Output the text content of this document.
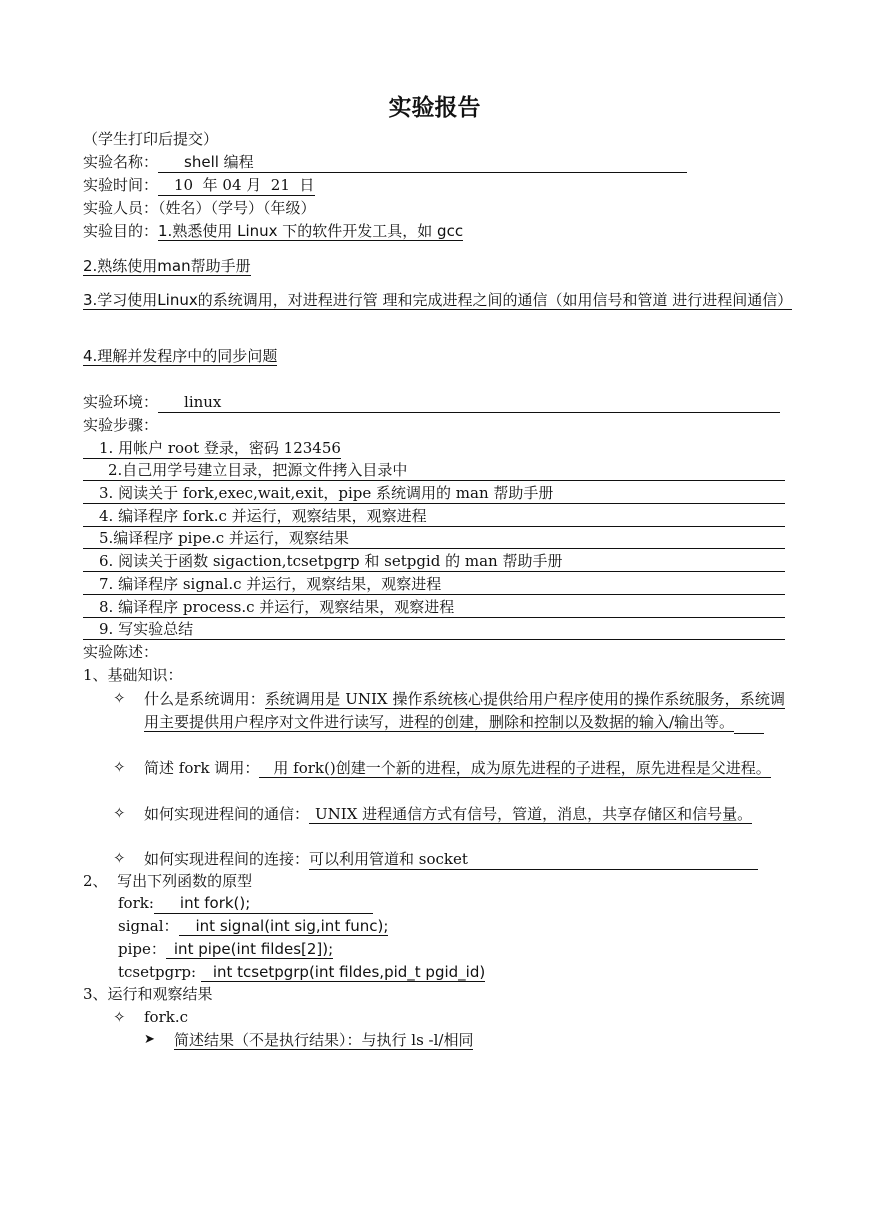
实验报告
（学生打印后提交）
实验名称： shell 编程
实验时间： 10  年 04 月  21  日
实验人员：（姓名）（学号）（年级）
实验目的：1.熟悉使用 Linux 下的软件开发工具，如 gcc
2.熟练使用man帮助手册
3.学习使用Linux的系统调用，对进程进行管 理和完成进程之间的通信（如用信号和管道 进行进程间通信）
4.理解并发程序中的同步问题
实验环境： linux
实验步骤：
1. 用帐户 root 登录，密码 123456
2.自己用学号建立目录，把源文件拷入目录中
3. 阅读关于 fork,exec,wait,exit，pipe 系统调用的 man 帮助手册
4. 编译程序 fork.c 并运行，观察结果，观察进程
5.编译程序 pipe.c 并运行，观察结果
6. 阅读关于函数 sigaction,tcsetpgrp 和 setpgid 的 man 帮助手册
7. 编译程序 signal.c 并运行，观察结果，观察进程
8. 编译程序 process.c 并运行，观察结果，观察进程
9. 写实验总结
实验陈述：
1、基础知识：
✧ 什么是系统调用：系统调用是 UNIX 操作系统核心提供给用户程序使用的操作系统服务，系统调用主要提供用户程序对文件进行读写，进程的创建，删除和控制以及数据的输入/输出等。
✧ 简述 fork 调用： 用 fork()创建一个新的进程，成为原先进程的子进程，原先进程是父进程。
✧ 如何实现进程间的通信： UNIX 进程通信方式有信号，管道，消息，共享存储区和信号量。
✧ 如何实现进程间的连接：可以利用管道和 socket
2、  写出下列函数的原型
fork: int fork();
signal： int signal(int sig,int func);
pipe： int pipe(int fildes[2]);
tcsetpgrp: int tcsetpgrp(int fildes,pid_t pgid_id)
3、运行和观察结果
✧ fork.c
➤ 简述结果（不是执行结果）：与执行 ls -l/相同
